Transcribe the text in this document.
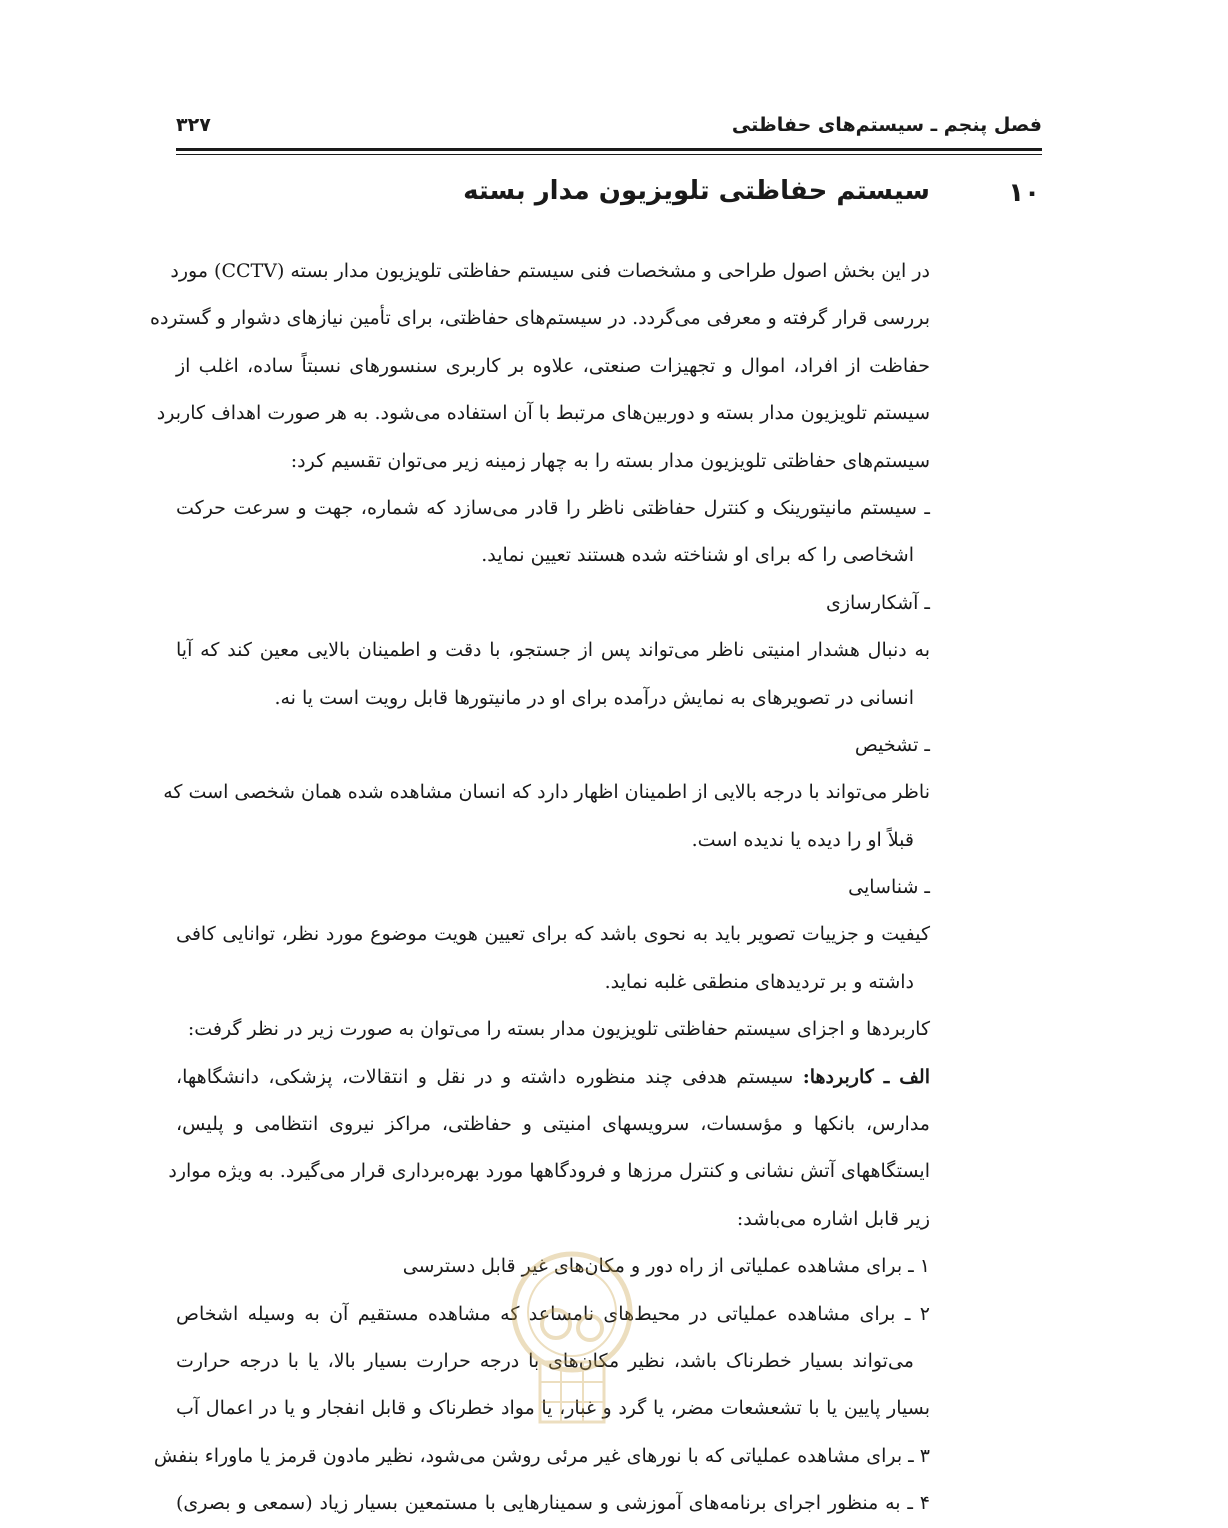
فصل پنجم ـ سیستم‌های حفاظتی
۳۲۷
۱۰
سیستم حفاظتی تلویزیون مدار بسته
در این بخش اصول طراحی و مشخصات فنی سیستم حفاظتی تلویزیون مدار بسته (CCTV) مورد
بررسی قرار گرفته و معرفی می‌گردد. در سیستم‌های حفاظتی، برای تأمین نیازهای دشوار و گسترده
حفاظت از افراد، اموال و تجهیزات صنعتی، علاوه بر کاربری سنسورهای نسبتاً ساده، اغلب از
سیستم تلویزیون مدار بسته و دوربین‌های مرتبط با آن استفاده می‌شود. به هر صورت اهداف کاربرد
سیستم‌های حفاظتی تلویزیون مدار بسته را به چهار زمینه زیر می‌توان تقسیم کرد:
ـ سیستم مانیتورینک و کنترل حفاظتی ناظر را قادر می‌سازد که شماره، جهت و سرعت حرکت
اشخاصی را که برای او شناخته شده هستند تعیین نماید.
ـ آشکارسازی
به دنبال هشدار امنیتی ناظر می‌تواند پس از جستجو، با دقت و اطمینان بالایی معین کند که آیا
انسانی در تصویرهای به نمایش درآمده برای او در مانیتورها قابل رویت است یا نه.
ـ تشخیص
ناظر می‌تواند با درجه بالایی از اطمینان اظهار دارد که انسان مشاهده شده همان شخصی است که
قبلاً او را دیده یا ندیده است.
ـ شناسایی
کیفیت و جزییات تصویر باید به نحوی باشد که برای تعیین هویت موضوع مورد نظر، توانایی کافی
داشته و بر تردیدهای منطقی غلبه نماید.
کاربردها و اجزای سیستم حفاظتی تلویزیون مدار بسته را می‌توان به صورت زیر در نظر گرفت:
الف ـ کاربردها: سیستم هدفی چند منظوره داشته و در نقل و انتقالات، پزشکی، دانشگاهها،
مدارس، بانکها و مؤسسات، سرویسهای امنیتی و حفاظتی، مراکز نیروی انتظامی و پلیس،
ایستگاههای آتش نشانی و کنترل مرزها و فرودگاهها مورد بهره‌برداری قرار می‌گیرد. به ویژه موارد
زیر قابل اشاره می‌باشد:
۱ ـ برای مشاهده عملیاتی از راه دور و مکان‌های غیر قابل دسترسی
۲ ـ برای مشاهده عملیاتی در محیط‌های نامساعد که مشاهده مستقیم آن به وسیله اشخاص
می‌تواند بسیار خطرناک باشد، نظیر مکان‌های با درجه حرارت بسیار بالا، یا با درجه حرارت
بسیار پایین یا با تشعشعات مضر، یا گرد و غبار، یا مواد خطرناک و قابل انفجار و یا در اعمال آب
۳ ـ برای مشاهده عملیاتی که با نورهای غیر مرئی روشن می‌شود، نظیر مادون قرمز یا ماوراء بنفش
۴ ـ به منظور اجرای برنامه‌های آموزشی و سمینارهایی با مستمعین بسیار زیاد (سمعی و بصری)
